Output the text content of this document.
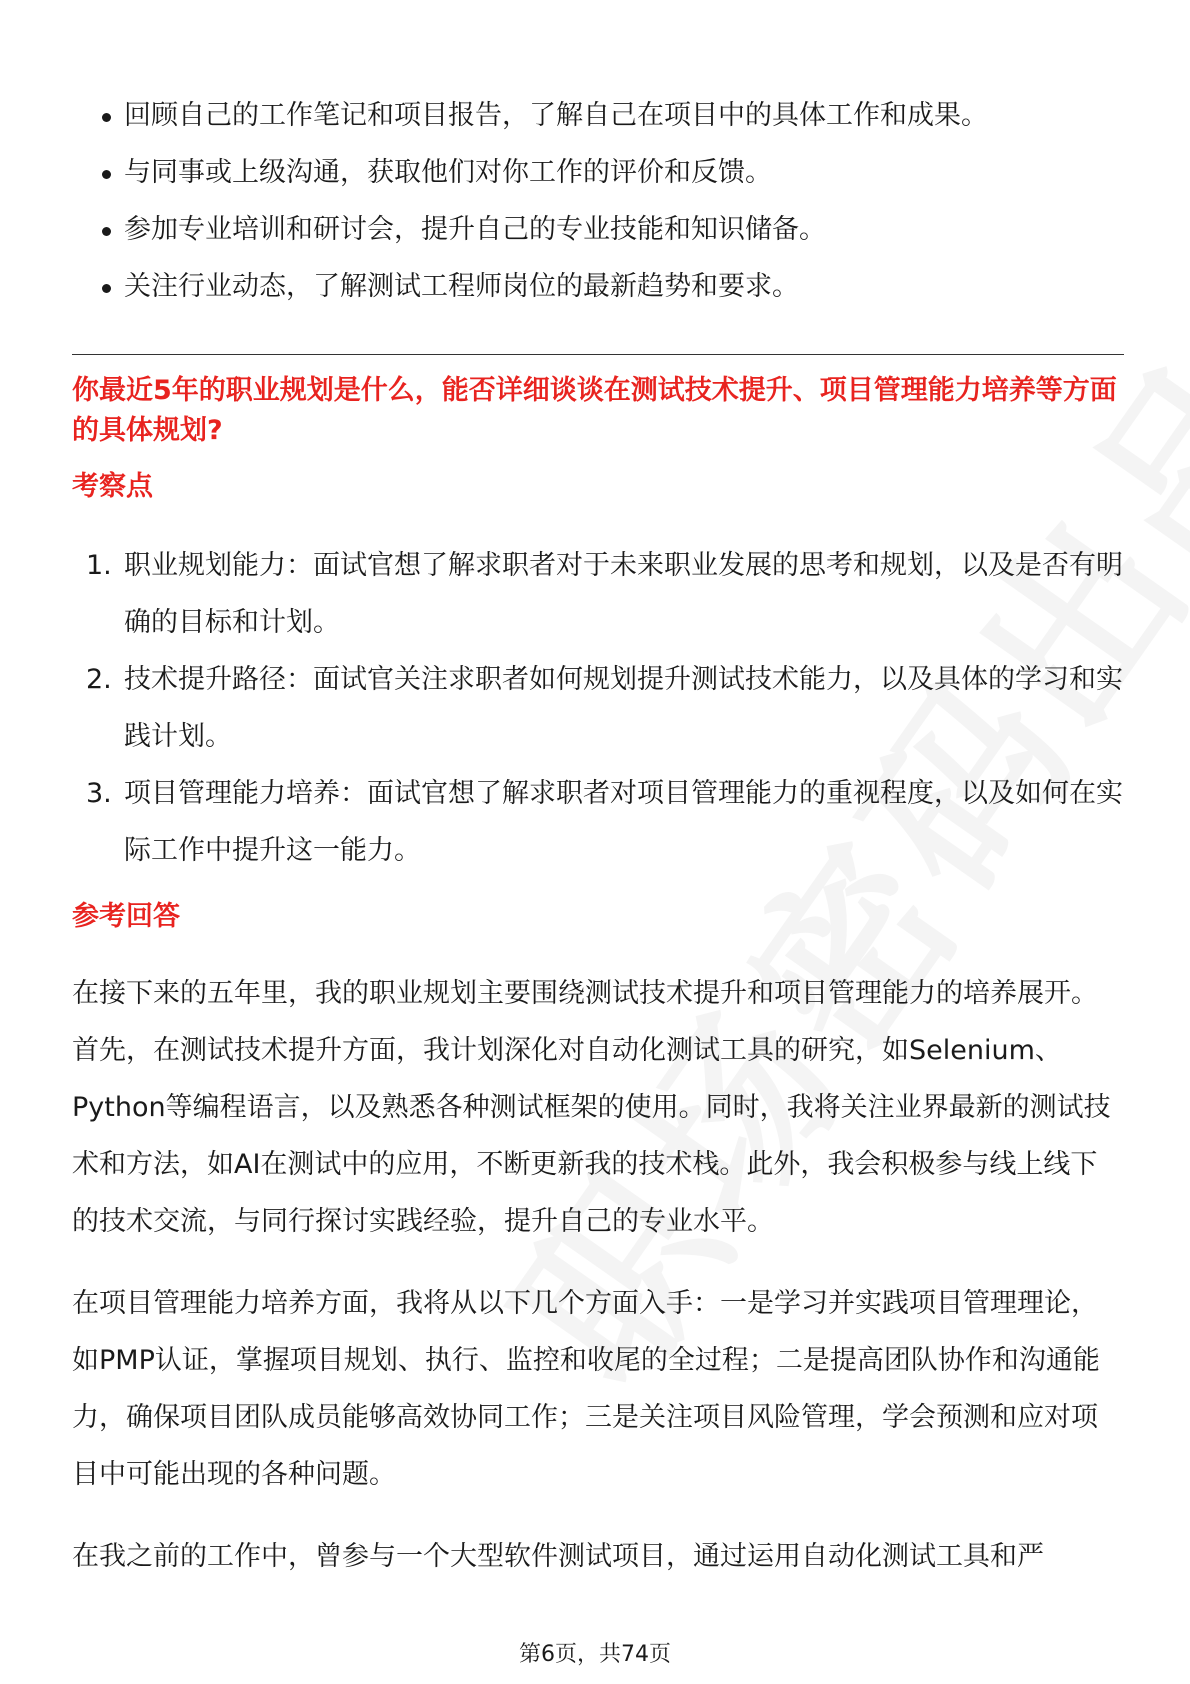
回顾自己的工作笔记和项目报告，了解自己在项目中的具体工作和成果。
与同事或上级沟通，获取他们对你工作的评价和反馈。
参加专业培训和研讨会，提升自己的专业技能和知识储备。
关注行业动态，了解测试工程师岗位的最新趋势和要求。

你最近5年的职业规划是什么，能否详细谈谈在测试技术提升、项目管理能力培养等方面的具体规划?

考察点

1. 职业规划能力：面试官想了解求职者对于未来职业发展的思考和规划，以及是否有明确的目标和计划。
2. 技术提升路径：面试官关注求职者如何规划提升测试技术能力，以及具体的学习和实践计划。
3. 项目管理能力培养：面试官想了解求职者对项目管理能力的重视程度，以及如何在实际工作中提升这一能力。

参考回答

在接下来的五年里，我的职业规划主要围绕测试技术提升和项目管理能力的培养展开。首先，在测试技术提升方面，我计划深化对自动化测试工具的研究，如Selenium、Python等编程语言，以及熟悉各种测试框架的使用。同时，我将关注业界最新的测试技术和方法，如AI在测试中的应用，不断更新我的技术栈。此外，我会积极参与线上线下的技术交流，与同行探讨实践经验，提升自己的专业水平。

在项目管理能力培养方面，我将从以下几个方面入手：一是学习并实践项目管理理论，如PMP认证，掌握项目规划、执行、监控和收尾的全过程；二是提高团队协作和沟通能力，确保项目团队成员能够高效协同工作；三是关注项目风险管理，学会预测和应对项目中可能出现的各种问题。

在我之前的工作中，曾参与一个大型软件测试项目，通过运用自动化测试工具和严

第6页，共74页
